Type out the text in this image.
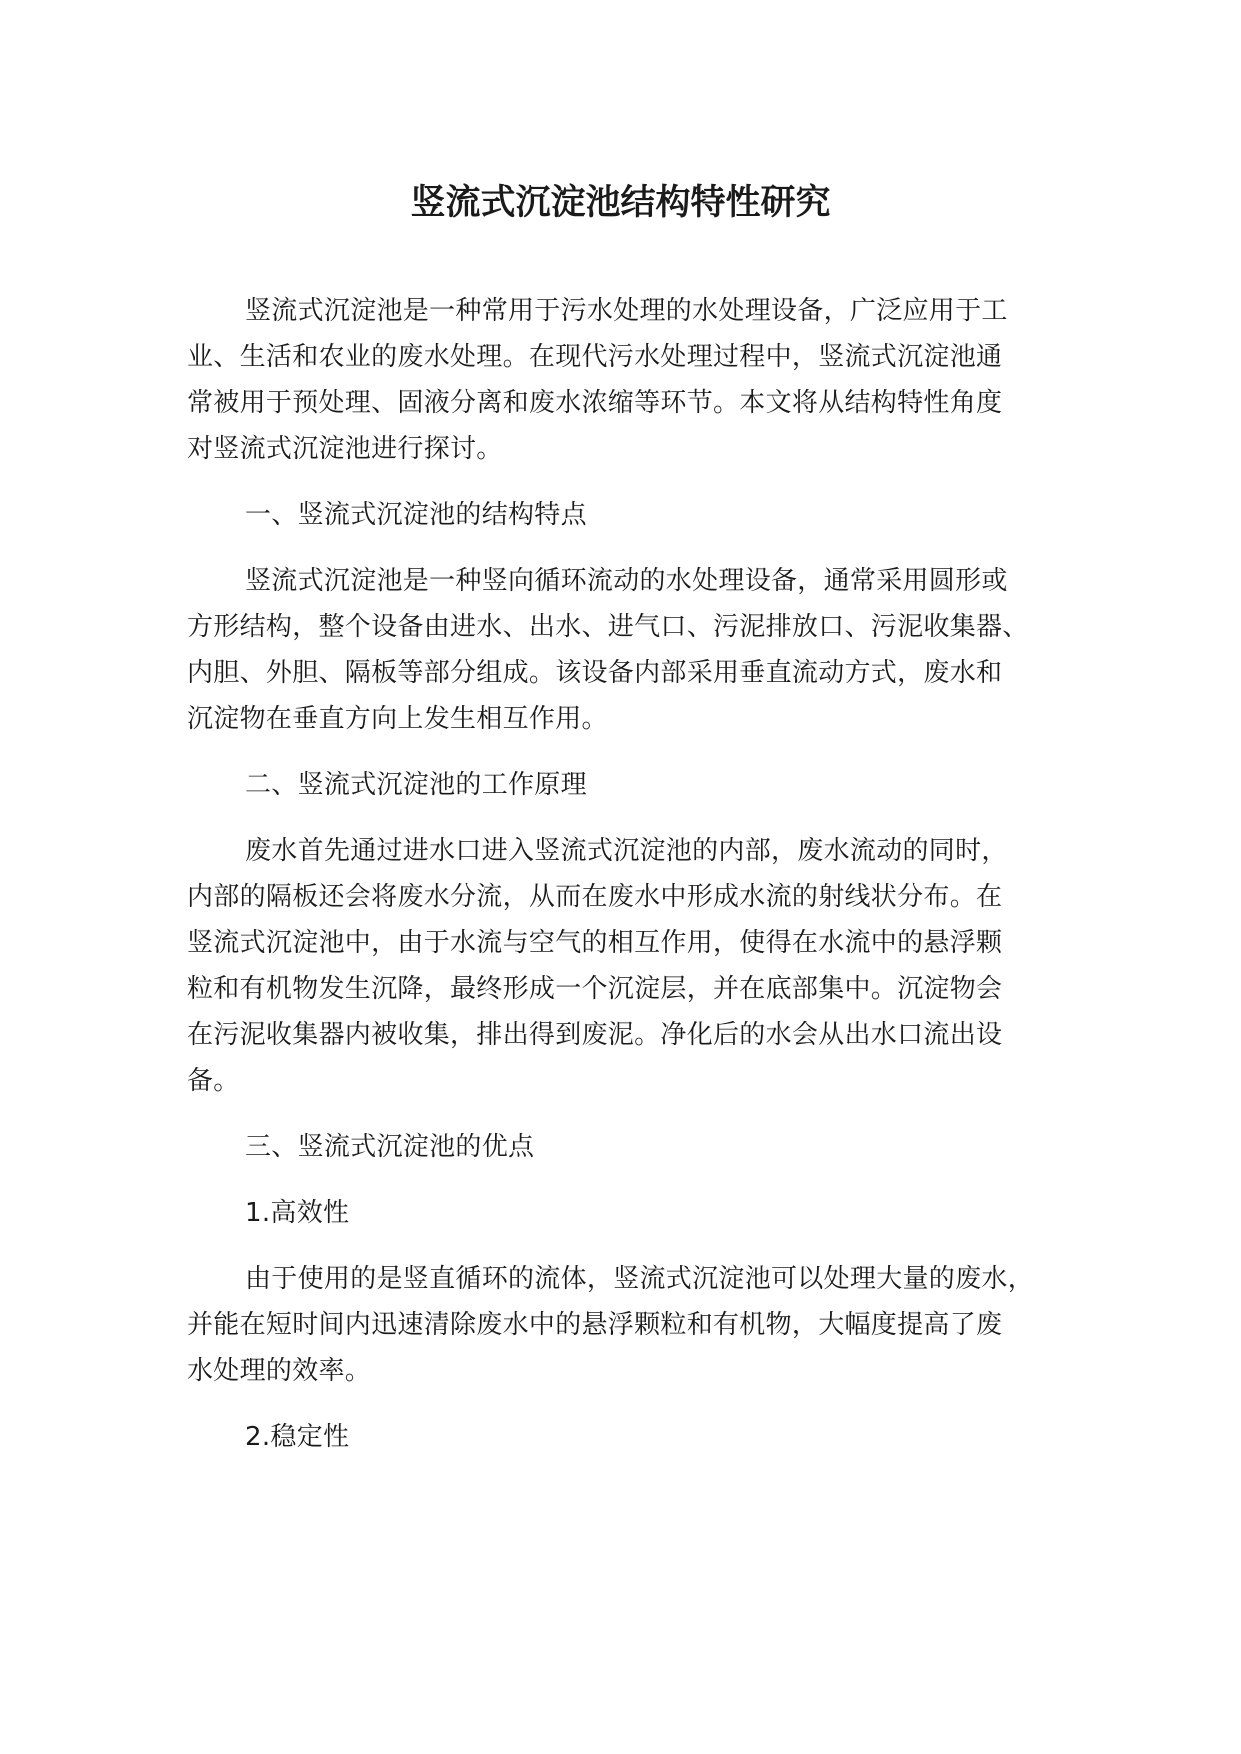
竖流式沉淀池结构特性研究

竖流式沉淀池是一种常用于污水处理的水处理设备，广泛应用于工
业、生活和农业的废水处理。在现代污水处理过程中，竖流式沉淀池通
常被用于预处理、固液分离和废水浓缩等环节。本文将从结构特性角度
对竖流式沉淀池进行探讨。

一、竖流式沉淀池的结构特点

竖流式沉淀池是一种竖向循环流动的水处理设备，通常采用圆形或
方形结构，整个设备由进水、出水、进气口、污泥排放口、污泥收集器、
内胆、外胆、隔板等部分组成。该设备内部采用垂直流动方式，废水和
沉淀物在垂直方向上发生相互作用。

二、竖流式沉淀池的工作原理

废水首先通过进水口进入竖流式沉淀池的内部，废水流动的同时，
内部的隔板还会将废水分流，从而在废水中形成水流的射线状分布。在
竖流式沉淀池中，由于水流与空气的相互作用，使得在水流中的悬浮颗
粒和有机物发生沉降，最终形成一个沉淀层，并在底部集中。沉淀物会
在污泥收集器内被收集，排出得到废泥。净化后的水会从出水口流出设
备。

三、竖流式沉淀池的优点

1.高效性

由于使用的是竖直循环的流体，竖流式沉淀池可以处理大量的废水，
并能在短时间内迅速清除废水中的悬浮颗粒和有机物，大幅度提高了废
水处理的效率。

2.稳定性
